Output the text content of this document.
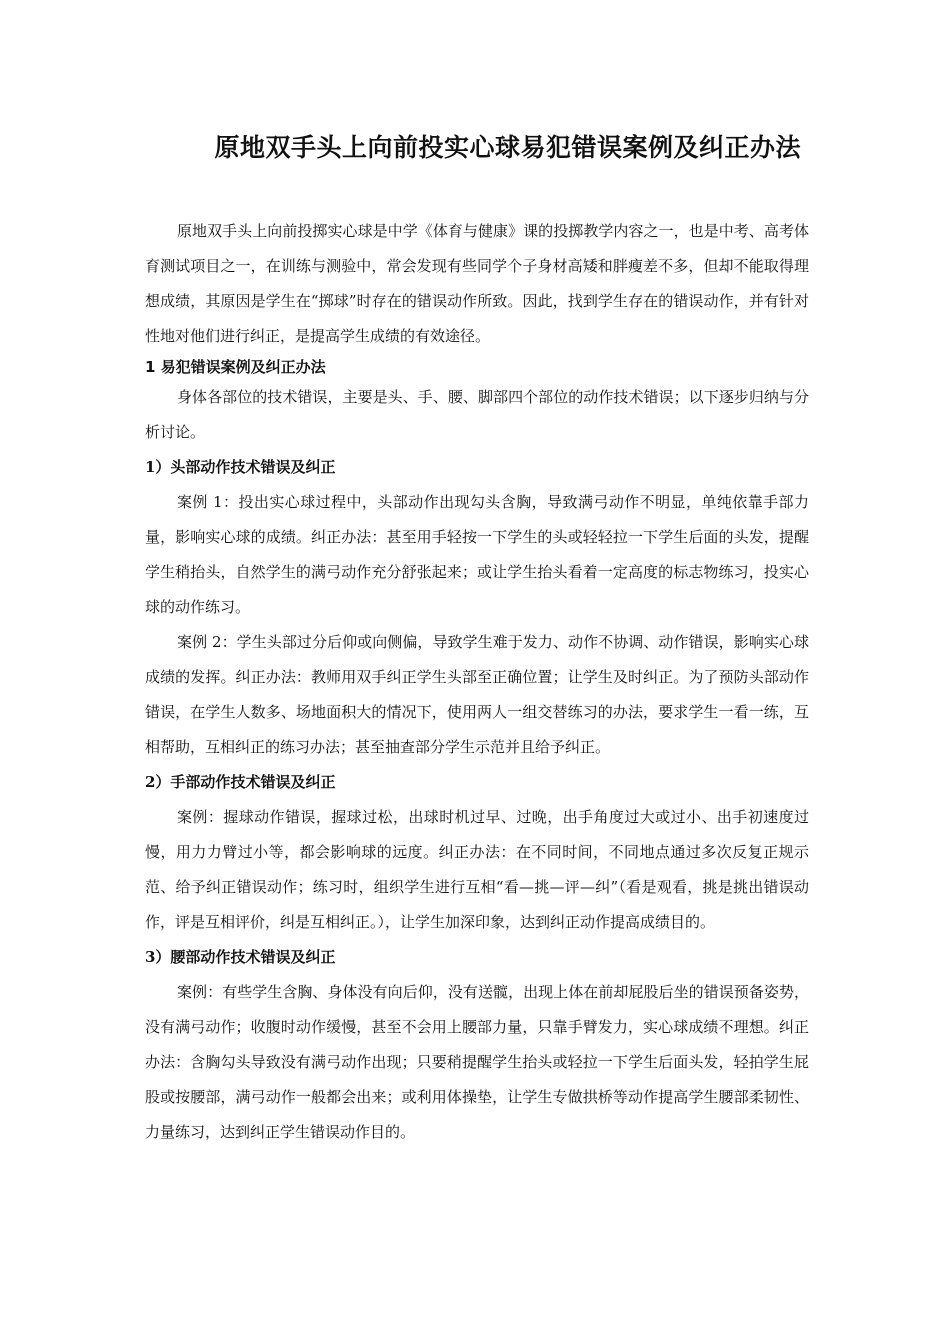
原地双手头上向前投实心球易犯错误案例及纠正办法

原地双手头上向前投掷实心球是中学《体育与健康》课的投掷教学内容之一，也是中考、高考体育测试项目之一，在训练与测验中，常会发现有些同学个子身材高矮和胖瘦差不多，但却不能取得理想成绩，其原因是学生在“掷球”时存在的错误动作所致。因此，找到学生存在的错误动作，并有针对性地对他们进行纠正，是提高学生成绩的有效途径。

1 易犯错误案例及纠正办法

身体各部位的技术错误，主要是头、手、腰、脚部四个部位的动作技术错误；以下逐步归纳与分析讨论。

1）头部动作技术错误及纠正

案例 1：投出实心球过程中，头部动作出现勾头含胸，导致满弓动作不明显，单纯依靠手部力量，影响实心球的成绩。纠正办法：甚至用手轻按一下学生的头或轻轻拉一下学生后面的头发，提醒学生稍抬头，自然学生的满弓动作充分舒张起来；或让学生抬头看着一定高度的标志物练习，投实心球的动作练习。

案例 2：学生头部过分后仰或向侧偏，导致学生难于发力、动作不协调、动作错误，影响实心球成绩的发挥。纠正办法：教师用双手纠正学生头部至正确位置；让学生及时纠正。为了预防头部动作错误，在学生人数多、场地面积大的情况下，使用两人一组交替练习的办法，要求学生一看一练，互相帮助，互相纠正的练习办法；甚至抽查部分学生示范并且给予纠正。

2）手部动作技术错误及纠正

案例：握球动作错误，握球过松，出球时机过早、过晚，出手角度过大或过小、出手初速度过慢，用力力臂过小等，都会影响球的远度。纠正办法：在不同时间，不同地点通过多次反复正规示范、给予纠正错误动作；练习时，组织学生进行互相“看—挑—评—纠”（看是观看，挑是挑出错误动作，评是互相评价，纠是互相纠正。），让学生加深印象，达到纠正动作提高成绩目的。

3）腰部动作技术错误及纠正

案例：有些学生含胸、身体没有向后仰，没有送髋，出现上体在前却屁股后坐的错误预备姿势，没有满弓动作；收腹时动作缓慢，甚至不会用上腰部力量，只靠手臂发力，实心球成绩不理想。纠正办法：含胸勾头导致没有满弓动作出现；只要稍提醒学生抬头或轻拉一下学生后面头发，轻拍学生屁股或按腰部，满弓动作一般都会出来；或利用体操垫，让学生专做拱桥等动作提高学生腰部柔韧性、力量练习，达到纠正学生错误动作目的。
